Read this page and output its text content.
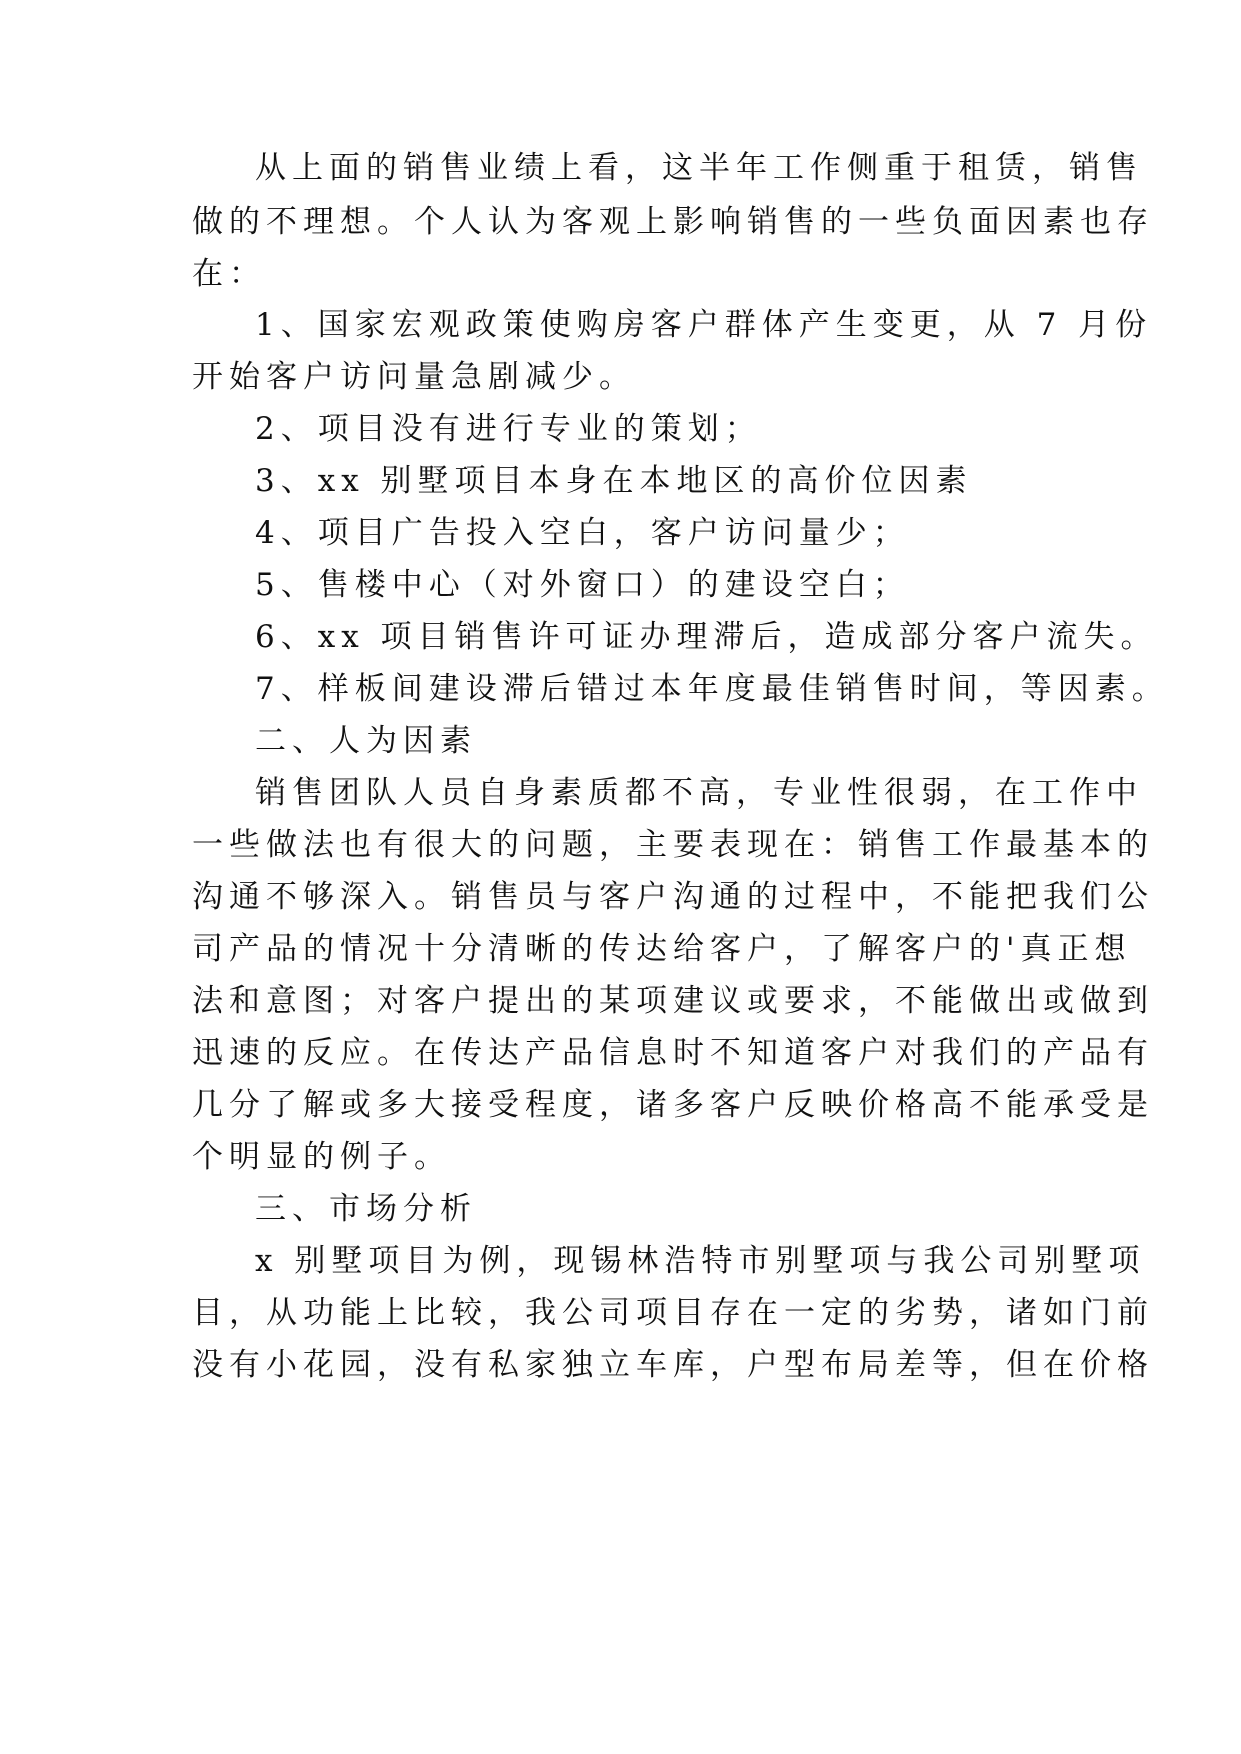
从上面的销售业绩上看，这半年工作侧重于租赁，销售
做的不理想。个人认为客观上影响销售的一些负面因素也存
在：
1、国家宏观政策使购房客户群体产生变更，从 7 月份
开始客户访问量急剧减少。
2、项目没有进行专业的策划；
3、xx 别墅项目本身在本地区的高价位因素
4、项目广告投入空白，客户访问量少；
5、售楼中心（对外窗口）的建设空白；
6、xx 项目销售许可证办理滞后，造成部分客户流失。
7、样板间建设滞后错过本年度最佳销售时间，等因素。
二、人为因素
销售团队人员自身素质都不高，专业性很弱，在工作中
一些做法也有很大的问题，主要表现在：销售工作最基本的
沟通不够深入。销售员与客户沟通的过程中，不能把我们公
司产品的情况十分清晰的传达给客户，了解客户的'真正想
法和意图；对客户提出的某项建议或要求，不能做出或做到
迅速的反应。在传达产品信息时不知道客户对我们的产品有
几分了解或多大接受程度，诸多客户反映价格高不能承受是
个明显的例子。
三、市场分析
x 别墅项目为例，现锡林浩特市别墅项与我公司别墅项
目，从功能上比较，我公司项目存在一定的劣势，诸如门前
没有小花园，没有私家独立车库，户型布局差等，但在价格
